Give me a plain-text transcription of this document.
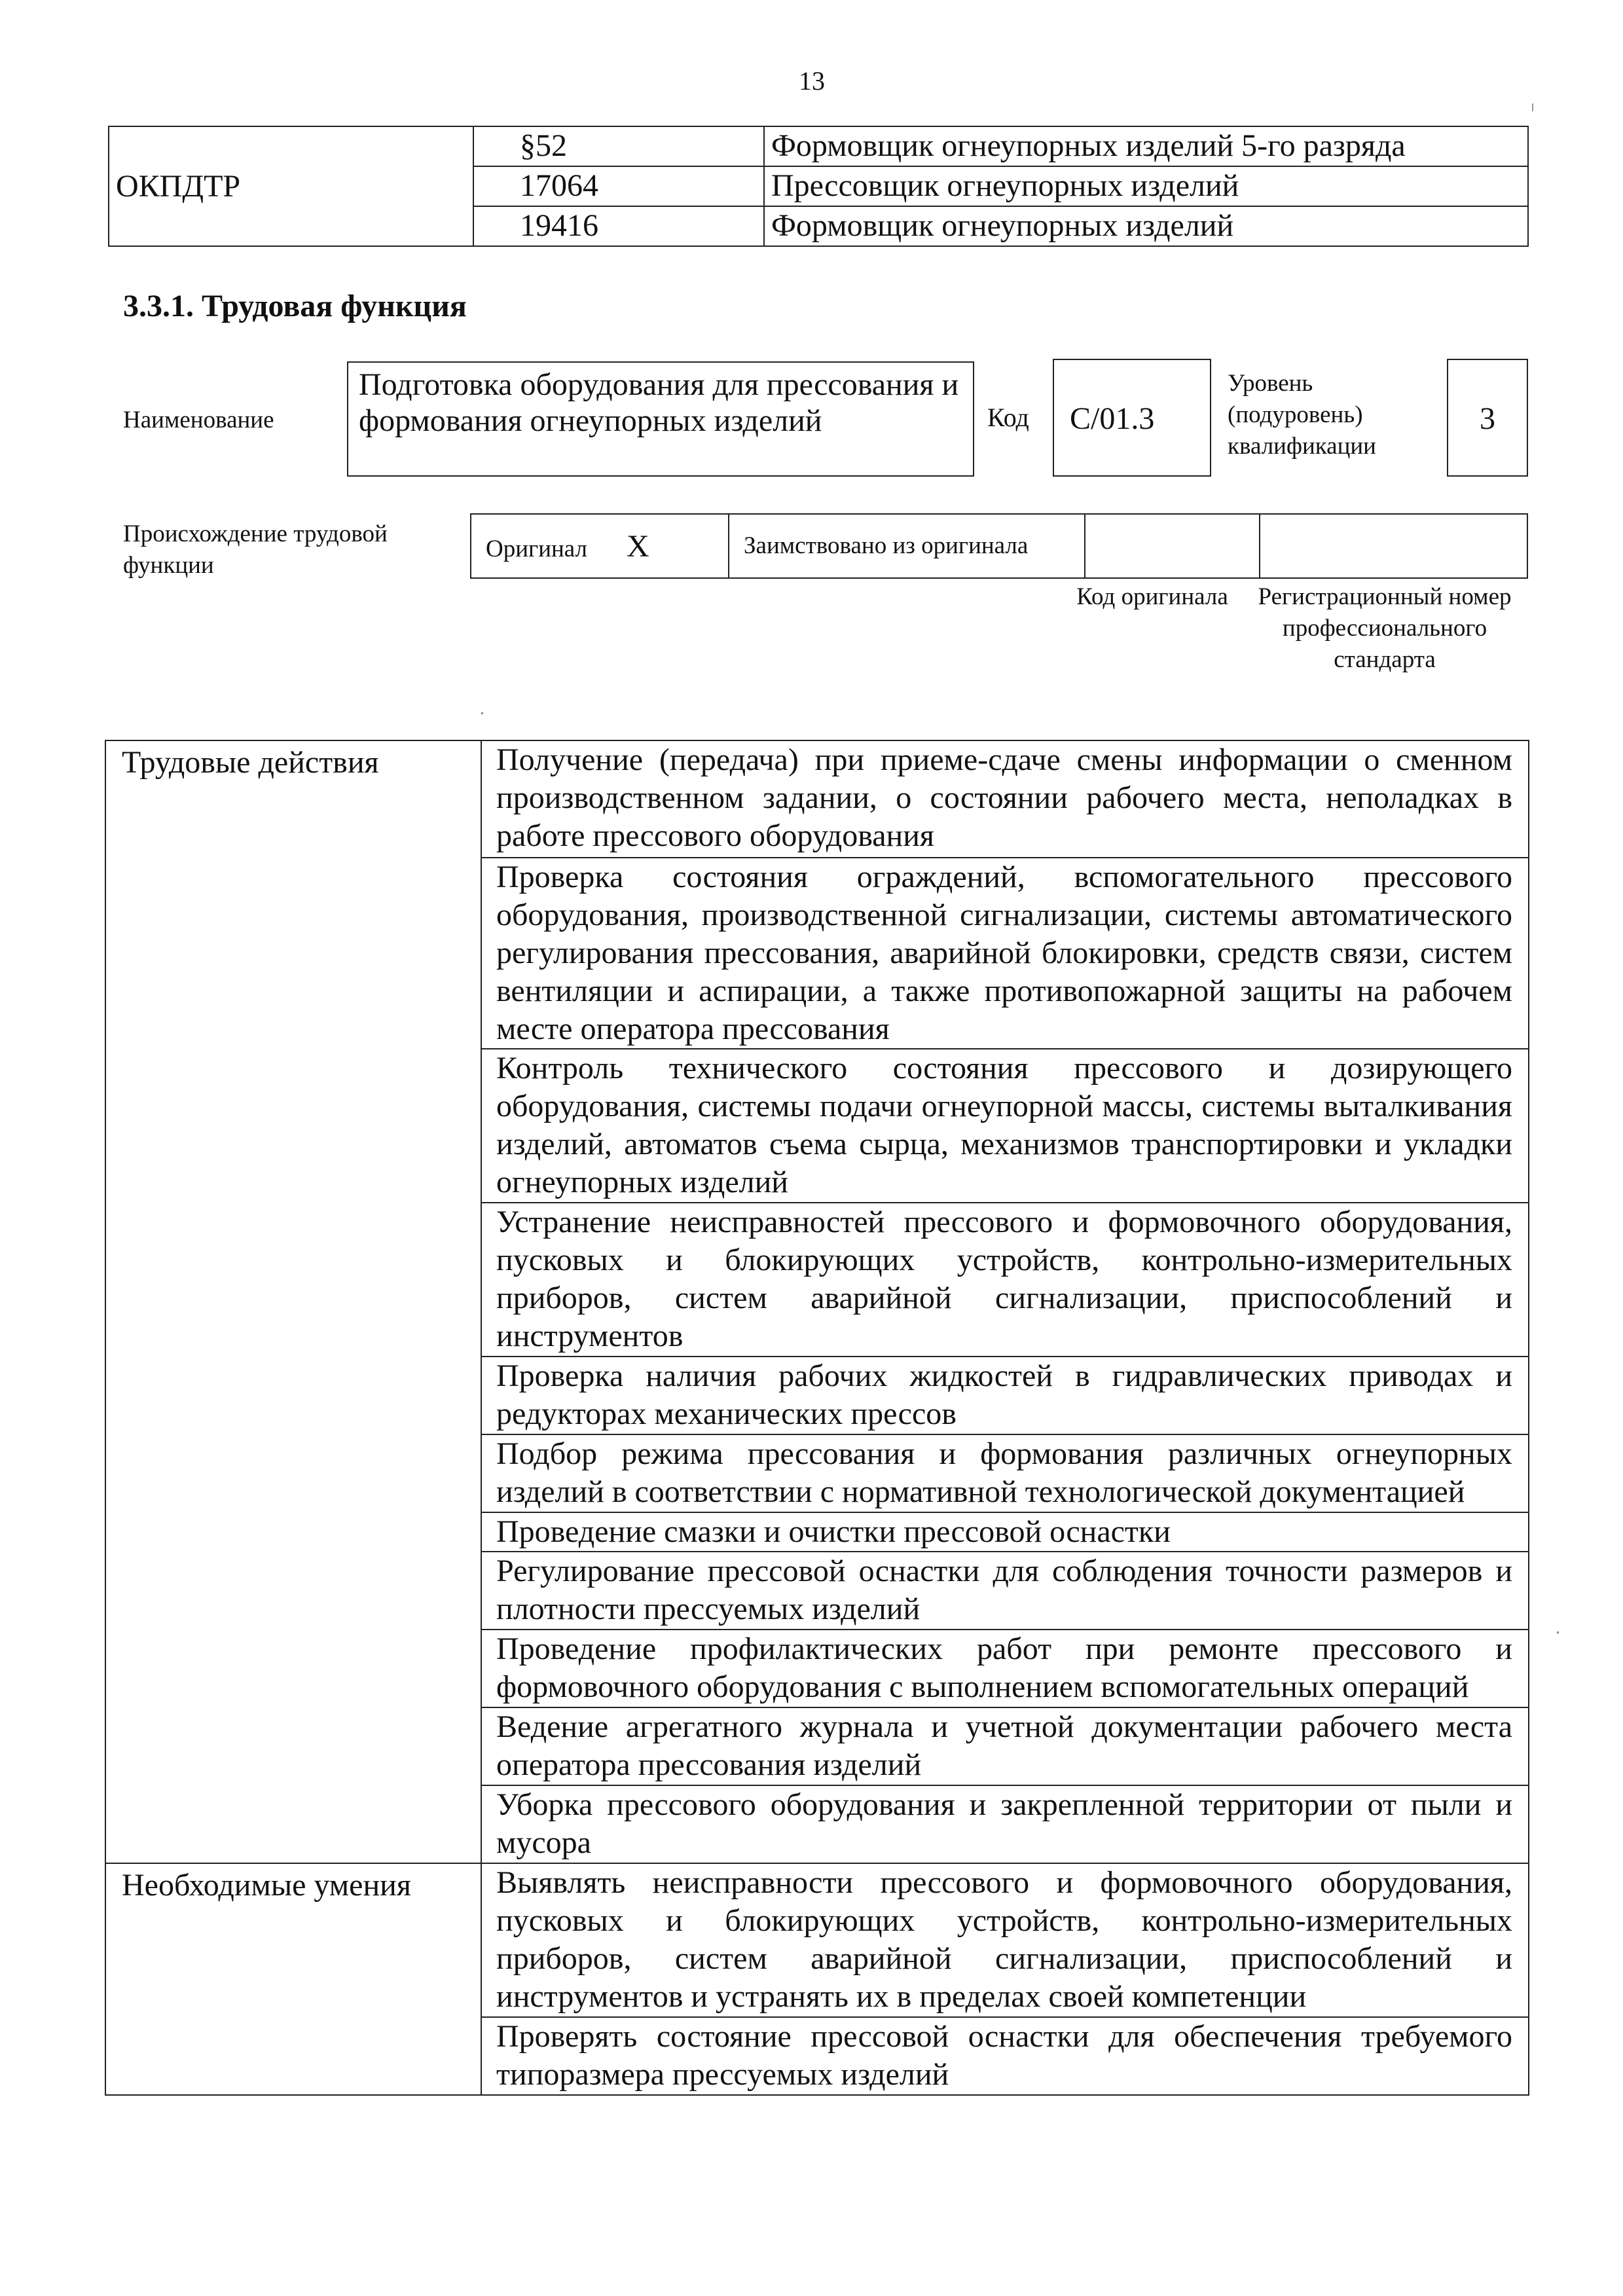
13
ОКПДТР	§52	Формовщик огнеупорных изделий 5-го разряда
	17064	Прессовщик огнеупорных изделий
	19416	Формовщик огнеупорных изделий
3.3.1. Трудовая функция
Наименование
Подготовка оборудования для прессования и формования огнеупорных изделий	Код	С/01.3
Уровень (подуровень) квалификации
3
Происхождение трудовой функции
Оригинал X	Заимствовано из оригинала		
Код оригинала	Регистрационный номер профессионального стандарта
Трудовые действия	Получение (передача) при приеме-сдаче смены информации о сменном производственном задании, о состоянии рабочего места, неполадках в работе прессового оборудования
	Проверка состояния ограждений, вспомогательного прессового оборудования, производственной сигнализации, системы автоматического регулирования прессования, аварийной блокировки, средств связи, систем вентиляции и аспирации, а также противопожарной защиты на рабочем месте оператора прессования
	Контроль технического состояния прессового и дозирующего оборудования, системы подачи огнеупорной массы, системы выталкивания изделий, автоматов съема сырца, механизмов транспортировки и укладки огнеупорных изделий
	Устранение неисправностей прессового и формовочного оборудования, пусковых и блокирующих устройств, контрольно-измерительных приборов, систем аварийной сигнализации, приспособлений и инструментов
	Проверка наличия рабочих жидкостей в гидравлических приводах и редукторах механических прессов
	Подбор режима прессования и формования различных огнеупорных изделий в соответствии с нормативной технологической документацией
	Проведение смазки и очистки прессовой оснастки
	Регулирование прессовой оснастки для соблюдения точности размеров и плотности прессуемых изделий
	Проведение профилактических работ при ремонте прессового и формовочного оборудования с выполнением вспомогательных операций
	Ведение агрегатного журнала и учетной документации рабочего места оператора прессования изделий
	Уборка прессового оборудования и закрепленной территории от пыли и мусора
Необходимые умения	Выявлять неисправности прессового и формовочного оборудования, пусковых и блокирующих устройств, контрольно-измерительных приборов, систем аварийной сигнализации, приспособлений и инструментов и устранять их в пределах своей компетенции
	Проверять состояние прессовой оснастки для обеспечения требуемого типоразмера прессуемых изделий
